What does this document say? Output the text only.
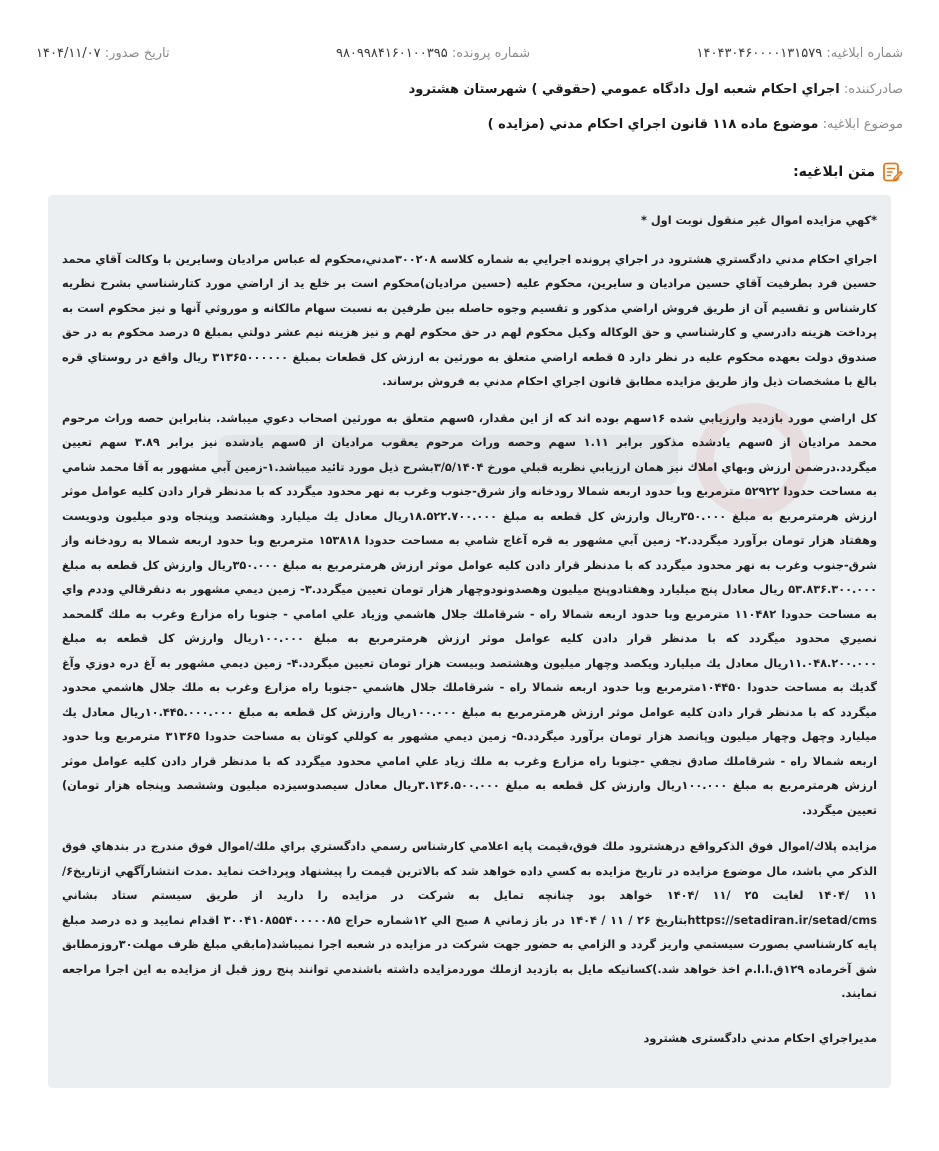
شماره ابلاغيه: ۱۴۰۴۳۰۴۶۰۰۰۰۱۳۱۵۷۹
شماره پرونده: ۹۸۰۹۹۸۴۱۶۰۱۰۰۳۹۵
تاریخ صدور: ۱۴۰۴/۱۱/۰۷
صادرکننده: اجراي احكام شعبه اول دادگاه عمومي (حقوقي ) شهرستان هشترود
موضوع ابلاغیه: موضوع ماده ۱۱۸ قانون اجراي احكام مدني (مزايده )
متن ابلاغیه:
*كهي مزايده اموال غير منقول نوبت اول *
اجراي احكام مدني دادگستري هشترود در اجراي پرونده اجرايي به شماره كلاسه ۳۰۰۲۰۸مدني،محكوم له عباس مراديان وسايرين با وكالت آقاي محمد حسين فرد بطرفيت آقاي حسين مراديان و سايرين، محكوم عليه (حسين مراديان)محكوم است بر خلع يد از اراضي مورد كتارشناسي بشرح نظريه كارشناس و تقسيم آن از طريق فروش اراضي مذكور و تقسيم وجوه حاصله بين طرفين به نسبت سهام مالكانه و موروثي آنها و نيز محكوم است به پرداخت هزينه دادرسي و كارشناسي و حق الوكاله وكيل محكوم لهم در حق محكوم لهم و نيز هزينه نيم عشر دولتي بمبلغ ۵ درصد محكوم به در حق صندوق دولت بعهده محكوم عليه در نظر دارد ۵ قطعه اراضي متعلق به مورثين به ارزش كل قطعات بمبلغ ۳۱۳۶۵۰۰۰۰۰۰ ريال واقع در روستاي قره بالغ با مشخصات ذيل واز طريق مزايده مطابق قانون اجراي احكام مدني به فروش برساند.
كل اراضي مورد بازديد وارزيابي شده ۱۶سهم بوده اند كه از اين مقدار، ۵سهم متعلق به مورثين اصحاب دعوي ميباشد. بنابراين حصه وراث مرحوم محمد مراديان از ۵سهم يادشده مذكور برابر ۱.۱۱ سهم وحصه وراث مرحوم يعقوب مراديان از ۵سهم يادشده نيز برابر ۳.۸۹ سهم تعيين ميگردد.درضمن ارزش وبهاي املاك نيز همان ارزيابي نظريه قبلي مورخ ۳/۵/۱۴۰۴بشرح ذيل مورد تائيد ميباشد.۱-زمين آبي مشهور به آقا محمد شامي به مساحت حدودا ۵۲۹۲۲ مترمربع وبا حدود اربعه شمالا رودخانه واز شرق-جنوب وغرب به نهر محدود ميگردد كه با مدنظر قرار دادن كليه عوامل موثر ارزش هرمترمربع به مبلغ ۳۵۰.۰۰۰ريال وارزش كل قطعه به مبلغ ۱۸.۵۲۲.۷۰۰.۰۰۰ريال معادل يك ميليارد وهشتصد وپنجاه ودو ميليون ودويست وهفتاد هزار تومان برآورد ميگردد.۲- زمين آبي مشهور به قره آغاج شامي به مساحت حدودا ۱۵۳۸۱۸ مترمربع وبا حدود اربعه شمالا به رودخانه واز شرق-جنوب وغرب به نهر محدود ميگردد كه با مدنظر قرار دادن كليه عوامل موثر ارزش هرمترمربع به مبلغ ۳۵۰.۰۰۰ريال وارزش كل قطعه به مبلغ ۵۳.۸۳۶.۳۰۰.۰۰۰ ريال معادل پنج ميليارد وهفتادوپنج ميليون وهصدونودوچهار هزار تومان تعيين ميگردد.۳- زمين ديمي مشهور به دنقرقالي وددم واي به مساحت حدودا ۱۱۰۴۸۲ مترمربع وبا حدود اربعه شمالا راه - شرقاملك جلال هاشمي وزياد علي امامي - جنوبا راه مزارع وغرب به ملك گلمحمد نصيري محدود ميگردد كه با مدنظر قرار دادن كليه عوامل موثر ارزش هرمترمربع به مبلغ ۱۰۰.۰۰۰ريال وارزش كل قطعه به مبلغ ۱۱.۰۴۸.۲۰۰.۰۰۰ريال معادل يك ميليارد ويكصد وچهار ميليون وهشتصد وبيست هزار تومان تعيين ميگردد.۴- زمين ديمي مشهور به آغ دره دوزي وآغ گديك به مساحت حدودا ۱۰۴۴۵۰مترمربع وبا حدود اربعه شمالا راه - شرقاملك جلال هاشمي -جنوبا راه مزارع وغرب به ملك جلال هاشمي محدود ميگردد كه با مدنظر قرار دادن كليه عوامل موثر ارزش هرمترمربع به مبلغ ۱۰۰.۰۰۰ريال وارزش كل قطعه به مبلغ ۱۰.۴۴۵.۰۰۰.۰۰۰ريال معادل يك ميليارد وچهل وچهار ميليون وپانصد هزار تومان برآورد ميگردد.۵- زمين ديمي مشهور به كوللي كوتان به مساحت حدودا ۳۱۳۶۵ مترمربع وبا حدود اربعه شمالا راه - شرقاملك صادق نجفي -جنوبا راه مزارع وغرب به ملك زياد علي امامي محدود ميگردد كه با مدنظر قرار دادن كليه عوامل موثر ارزش هرمترمربع به مبلغ ۱۰۰.۰۰۰ريال وارزش كل قطعه به مبلغ ۳.۱۳۶.۵۰۰.۰۰۰ريال معادل سيصدوسيزده ميليون وششصد وپنجاه هزار تومان) تعيين ميگردد.
مزايده پلاك/اموال فوق الذكرواقع درهشترود ملك فوق،قيمت پايه اعلامي كارشناس رسمي دادگستري براي ملك/اموال فوق مندرج در بندهاي فوق الذكر مي باشد، مال موضوع مزايده در تاريخ مزايده به كسي داده خواهد شد كه بالاترين قيمت را پيشنهاد وپرداخت نمايد .مدت انتشارآگهي ازتاريخ۶/ ۱۱ /۱۴۰۴ لغايت ۲۵ /۱۱ /۱۴۰۴ خواهد بود چنانچه تمايل به شركت در مزايده را داريد از طريق سيستم ستاد بشاني https://setadiran.ir/setad/cmsبتاريخ ۲۶ / ۱۱ / ۱۴۰۴ در باز زماني ۸ صبح الي ۱۲شماره حراج ۳۰۰۴۱۰۸۵۵۴۰۰۰۰۰۸۵ اقدام نماييد و ده درصد مبلغ پايه كارشناسي بصورت سيستمي واريز گردد و الزامي به حضور جهت شركت در مزايده در شعبه اجرا نميباشد(مابقي مبلغ ظرف مهلت۳۰روزمطابق شق آخرماده ۱۲۹ق.ا.ا.م اخذ خواهد شد.)كسانيكه مايل به بازديد ازملك موردمزايده داشته باشندمي توانند پنج روز قبل از مزايده به اين اجرا مراجعه نمايند.
مديراجراي احكام مدني دادگستری هشترود
